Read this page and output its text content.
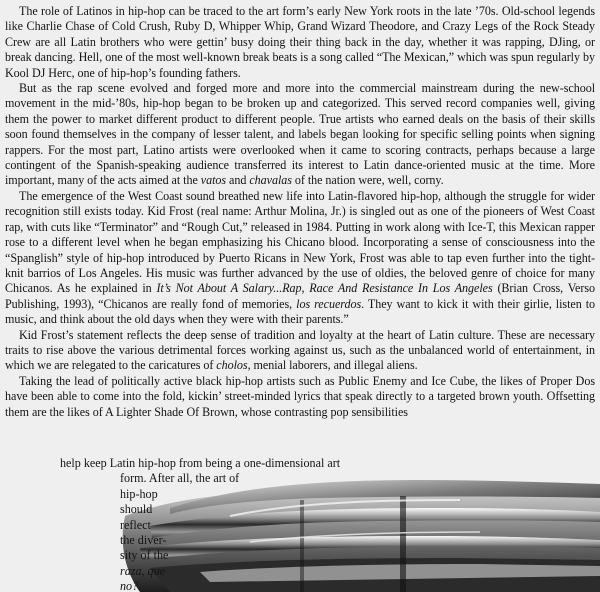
The role of Latinos in hip-hop can be traced to the art form’s early New York roots in the late ’70s. Old-school legends like Charlie Chase of Cold Crush, Ruby D, Whipper Whip, Grand Wizard Theodore, and Crazy Legs of the Rock Steady Crew are all Latin brothers who were gettin’ busy doing their thing back in the day, whether it was rapping, DJing, or break dancing. Hell, one of the most well-known break beats is a song called “The Mexican,” which was spun regularly by Kool DJ Herc, one of hip-hop’s founding fathers.

But as the rap scene evolved and forged more and more into the commercial mainstream during the new-school movement in the mid-’80s, hip-hop began to be broken up and categorized. This served record companies well, giving them the power to market different product to different people. True artists who earned deals on the basis of their skills soon found themselves in the company of lesser talent, and labels began looking for specific selling points when signing rappers. For the most part, Latino artists were overlooked when it came to scoring contracts, perhaps because a large contingent of the Spanish-speaking audience transferred its interest to Latin dance-oriented music at the time. More important, many of the acts aimed at the vatos and chavalas of the nation were, well, corny.

The emergence of the West Coast sound breathed new life into Latin-flavored hip-hop, although the struggle for wider recognition still exists today. Kid Frost (real name: Arthur Molina, Jr.) is singled out as one of the pioneers of West Coast rap, with cuts like “Terminator” and “Rough Cut,” released in 1984. Putting in work along with Ice-T, this Mexican rapper rose to a different level when he began emphasizing his Chicano blood. Incorporating a sense of consciousness into the “Spanglish” style of hip-hop introduced by Puerto Ricans in New York, Frost was able to tap even further into the tight-knit barrios of Los Angeles. His music was further advanced by the use of oldies, the beloved genre of choice for many Chicanos. As he explained in It’s Not About A Salary...Rap, Race And Resistance In Los Angeles (Brian Cross, Verso Publishing, 1993), “Chicanos are really fond of memories, los recuerdos. They want to kick it with their girlie, listen to music, and think about the old days when they were with their parents.”

Kid Frost’s statement reflects the deep sense of tradition and loyalty at the heart of Latin culture. These are necessary traits to rise above the various detrimental forces working against us, such as the unbalanced world of entertainment, in which we are relegated to the caricatures of cholos, menial laborers, and illegal aliens.

Taking the lead of politically active black hip-hop artists such as Public Enemy and Ice Cube, the likes of Proper Dos have been able to come into the fold, kickin’ street-minded lyrics that speak directly to a targeted brown youth. Offsetting them are the likes of A Lighter Shade Of Brown, whose contrasting pop sensibilities

help keep Latin hip-hop from being a one-dimensional art
form. After all, the art of
hip-hop
should
reflect
the diver-
sity of the
raza, que
no?
